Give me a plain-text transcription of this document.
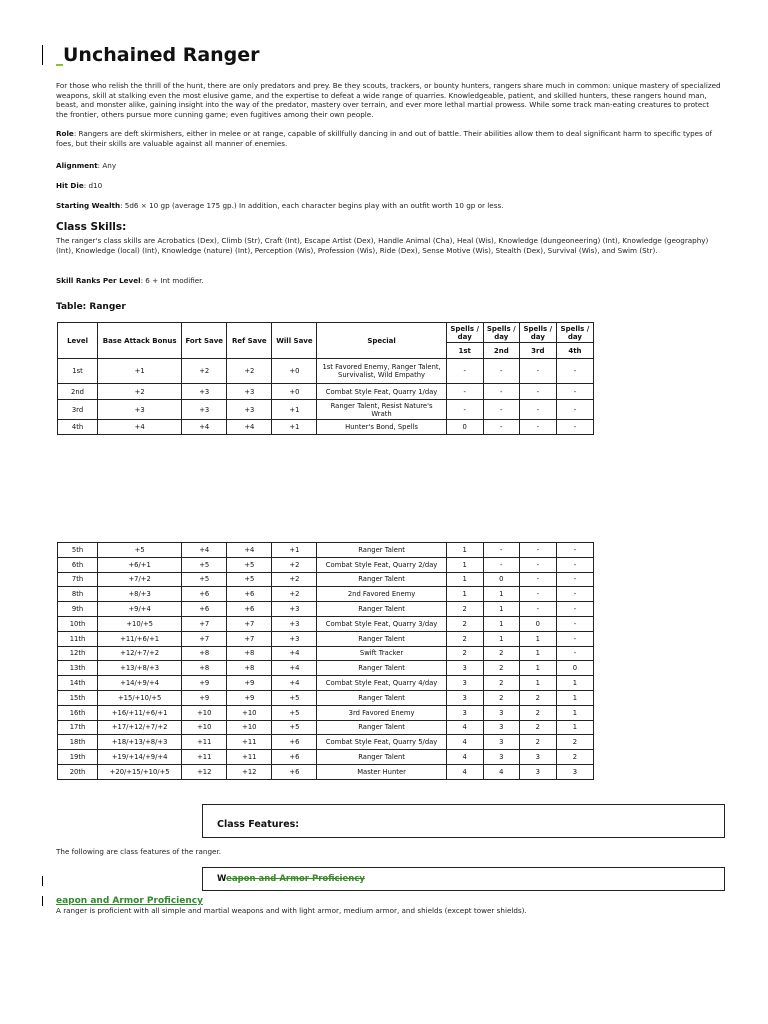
Unchained Ranger
For those who relish the thrill of the hunt, there are only predators and prey. Be they scouts, trackers, or bounty hunters, rangers share much in common: unique mastery of specialized weapons, skill at stalking even the most elusive game, and the expertise to defeat a wide range of quarries. Knowledgeable, patient, and skilled hunters, these rangers hound man, beast, and monster alike, gaining insight into the way of the predator, mastery over terrain, and ever more lethal martial prowess. While some track man-eating creatures to protect the frontier, others pursue more cunning game; even fugitives among their own people.
Role: Rangers are deft skirmishers, either in melee or at range, capable of skillfully dancing in and out of battle. Their abilities allow them to deal significant harm to specific types of foes, but their skills are valuable against all manner of enemies.
Alignment: Any
Hit Die: d10
Starting Wealth: 5d6 × 10 gp (average 175 gp.) In addition, each character begins play with an outfit worth 10 gp or less.
Class Skills:
The ranger's class skills are Acrobatics (Dex), Climb (Str), Craft (Int), Escape Artist (Dex), Handle Animal (Cha), Heal (Wis), Knowledge (dungeoneering) (Int), Knowledge (geography) (Int), Knowledge (local) (Int), Knowledge (nature) (Int), Perception (Wis), Profession (Wis), Ride (Dex), Sense Motive (Wis), Stealth (Dex), Survival (Wis), and Swim (Str).
Skill Ranks Per Level: 6 + Int modifier.
Table: Ranger
Level	Base Attack Bonus	Fort Save	Ref Save	Will Save	Special	Spells / day	Spells / day	Spells / day	Spells / day
						1st	2nd	3rd	4th
1st	+1	+2	+2	+0	1st Favored Enemy, Ranger Talent, Survivalist, Wild Empathy	-	-	-	-
2nd	+2	+3	+3	+0	Combat Style Feat, Quarry 1/day	-	-	-	-
3rd	+3	+3	+3	+1	Ranger Talent, Resist Nature's Wrath	-	-	-	-
4th	+4	+4	+4	+1	Hunter's Bond, Spells	0	-	-	-
5th	+5	+4	+4	+1	Ranger Talent	1	-	-	-
6th	+6/+1	+5	+5	+2	Combat Style Feat, Quarry 2/day	1	-	-	-
7th	+7/+2	+5	+5	+2	Ranger Talent	1	0	-	-
8th	+8/+3	+6	+6	+2	2nd Favored Enemy	1	1	-	-
9th	+9/+4	+6	+6	+3	Ranger Talent	2	1	-	-
10th	+10/+5	+7	+7	+3	Combat Style Feat, Quarry 3/day	2	1	0	-
11th	+11/+6/+1	+7	+7	+3	Ranger Talent	2	1	1	-
12th	+12/+7/+2	+8	+8	+4	Swift Tracker	2	2	1	-
13th	+13/+8/+3	+8	+8	+4	Ranger Talent	3	2	1	0
14th	+14/+9/+4	+9	+9	+4	Combat Style Feat, Quarry 4/day	3	2	1	1
15th	+15/+10/+5	+9	+9	+5	Ranger Talent	3	2	2	1
16th	+16/+11/+6/+1	+10	+10	+5	3rd Favored Enemy	3	3	2	1
17th	+17/+12/+7/+2	+10	+10	+5	Ranger Talent	4	3	2	1
18th	+18/+13/+8/+3	+11	+11	+6	Combat Style Feat, Quarry 5/day	4	3	2	2
19th	+19/+14/+9/+4	+11	+11	+6	Ranger Talent	4	3	3	2
20th	+20/+15/+10/+5	+12	+12	+6	Master Hunter	4	4	3	3
Class Features:
The following are class features of the ranger.
Weapon and Armor Proficiency
eapon and Armor Proficiency
A ranger is proficient with all simple and martial weapons and with light armor, medium armor, and shields (except tower shields).
